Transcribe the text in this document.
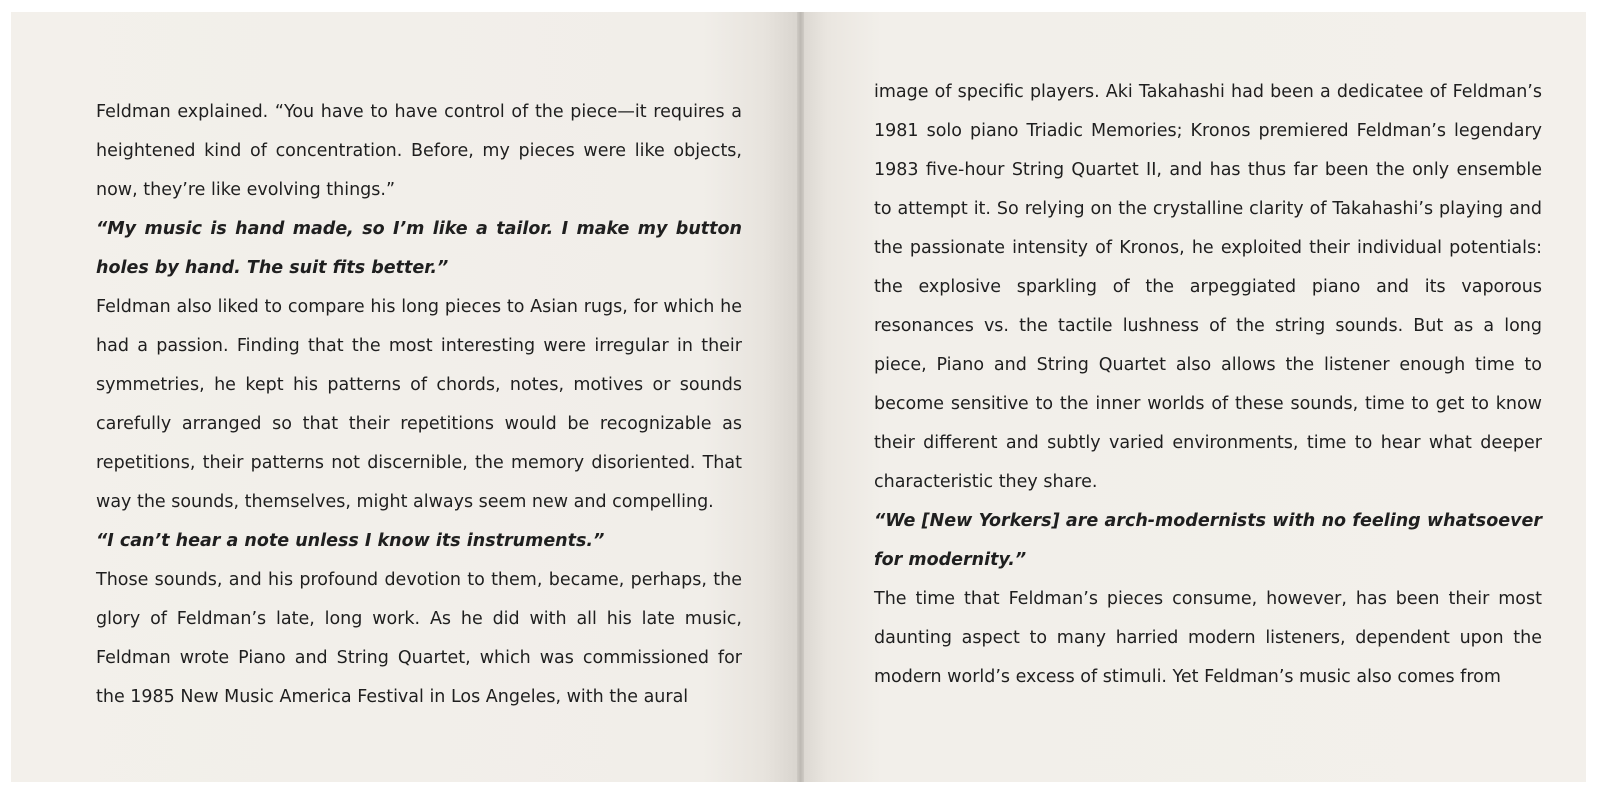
Feldman explained. “You have to have control of the piece—it requires a heightened kind of concentration. Before, my pieces were like objects, now, they’re like evolving things.”

“My music is hand made, so I’m like a tailor. I make my button holes by hand. The suit fits better.”

Feldman also liked to compare his long pieces to Asian rugs, for which he had a passion. Finding that the most interesting were irregular in their symmetries, he kept his patterns of chords, notes, motives or sounds carefully arranged so that their repetitions would be recognizable as repetitions, their patterns not discernible, the memory disoriented. That way the sounds, themselves, might always seem new and compelling.

“I can’t hear a note unless I know its instruments.”

Those sounds, and his profound devotion to them, became, perhaps, the glory of Feldman’s late, long work. As he did with all his late music, Feldman wrote Piano and String Quartet, which was commissioned for the 1985 New Music America Festival in Los Angeles, with the aural

image of specific players. Aki Takahashi had been a dedicatee of Feldman’s 1981 solo piano Triadic Memories; Kronos premiered Feldman’s legendary 1983 five-hour String Quartet II, and has thus far been the only ensemble to attempt it. So relying on the crystalline clarity of Takahashi’s playing and the passionate intensity of Kronos, he exploited their individual potentials: the explosive sparkling of the arpeggiated piano and its vaporous resonances vs. the tactile lushness of the string sounds. But as a long piece, Piano and String Quartet also allows the listener enough time to become sensitive to the inner worlds of these sounds, time to get to know their different and subtly varied environments, time to hear what deeper characteristic they share.

“We [New Yorkers] are arch-modernists with no feeling whatsoever for modernity.”

The time that Feldman’s pieces consume, however, has been their most daunting aspect to many harried modern listeners, dependent upon the modern world’s excess of stimuli. Yet Feldman’s music also comes from
